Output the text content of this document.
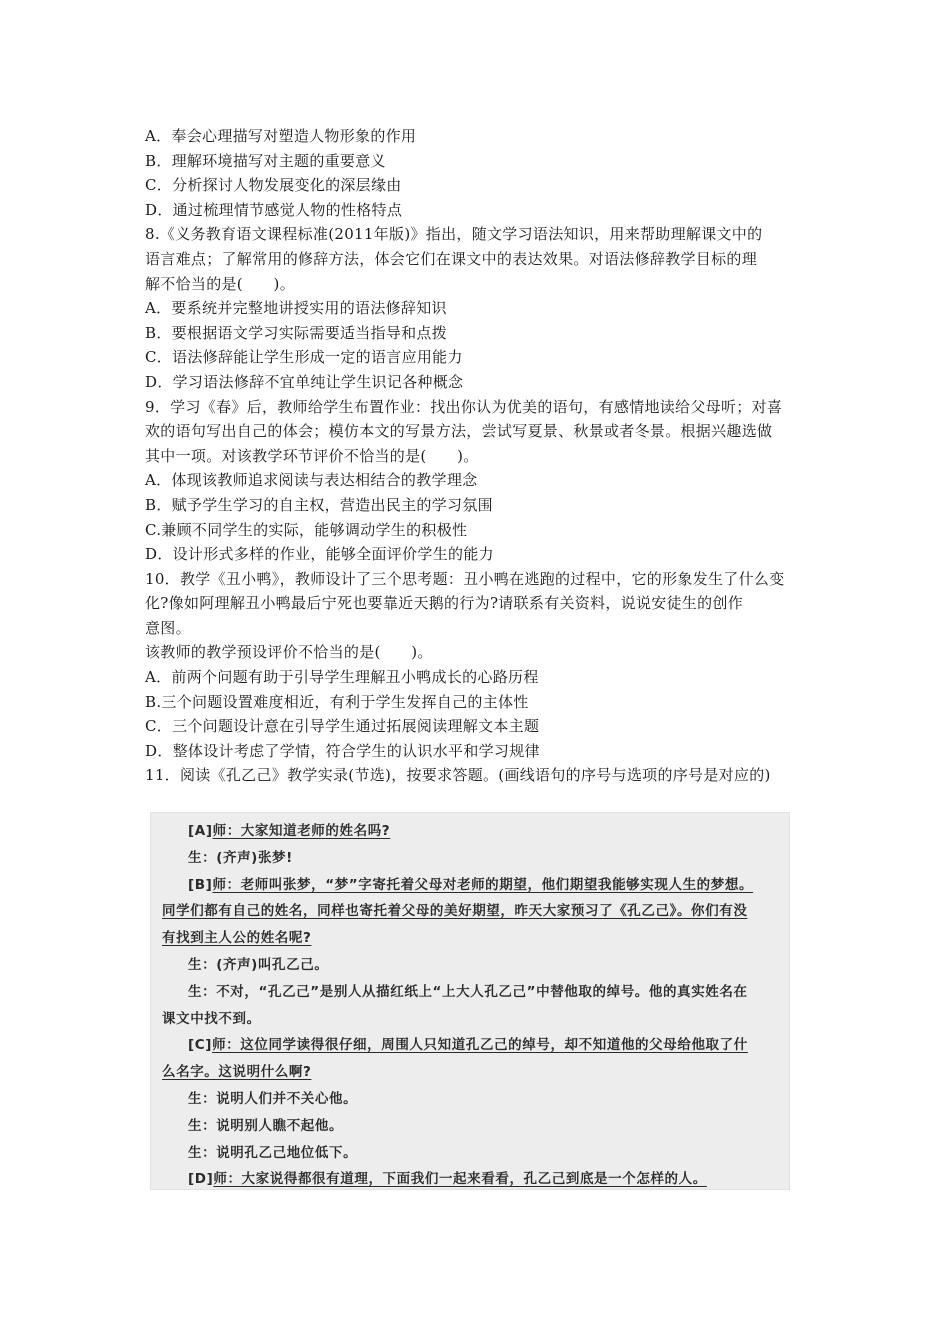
A．奉会心理描写对塑造人物形象的作用
B．理解环境描写对主题的重要意义
C．分析探讨人物发展变化的深层缘由
D．通过梳理情节感觉人物的性格特点
8.《义务教育语文课程标准(2011年版)》指出，随文学习语法知识，用来帮助理解课文中的
语言难点；了解常用的修辞方法，体会它们在课文中的表达效果。对语法修辞教学目标的理
解不恰当的是(　　)。
A．要系统并完整地讲授实用的语法修辞知识
B．要根据语文学习实际需要适当指导和点拨
C．语法修辞能让学生形成一定的语言应用能力
D．学习语法修辞不宜单纯让学生识记各种概念
9．学习《春》后，教师给学生布置作业：找出你认为优美的语句，有感情地读给父母听；对喜
欢的语句写出自己的体会；模仿本文的写景方法，尝试写夏景、秋景或者冬景。根据兴趣选做
其中一项。对该教学环节评价不恰当的是(　　)。
A．体现该教师追求阅读与表达相结合的教学理念
B．赋予学生学习的自主权，营造出民主的学习氛围
C.兼顾不同学生的实际，能够调动学生的积极性
D．设计形式多样的作业，能够全面评价学生的能力
10．教学《丑小鸭》，教师设计了三个思考题：丑小鸭在逃跑的过程中，它的形象发生了什么变
化?像如阿理解丑小鸭最后宁死也要靠近天鹅的行为?请联系有关资料，说说安徒生的创作
意图。
该教师的教学预设评价不恰当的是(　　)。
A．前两个问题有助于引导学生理解丑小鸭成长的心路历程
B.三个问题设置难度相近，有利于学生发挥自己的主体性
C．三个问题设计意在引导学生通过拓展阅读理解文本主题
D．整体设计考虑了学情，符合学生的认识水平和学习规律
11．阅读《孔乙己》教学实录(节选)，按要求答题。(画线语句的序号与选项的序号是对应的)
[A]师：大家知道老师的姓名吗?
生：(齐声)张梦!
[B]师：老师叫张梦，“梦”字寄托着父母对老师的期望，他们期望我能够实现人生的梦想。
同学们都有自己的姓名，同样也寄托着父母的美好期望，昨天大家预习了《孔乙己》。你们有没
有找到主人公的姓名呢?
生：(齐声)叫孔乙己。
生：不对，“孔乙己”是别人从描红纸上“上大人孔乙己”中替他取的绰号。他的真实姓名在
课文中找不到。
[C]师：这位同学读得很仔细，周围人只知道孔乙己的绰号，却不知道他的父母给他取了什
么名字。这说明什么啊?
生：说明人们并不关心他。
生：说明别人瞧不起他。
生：说明孔乙己地位低下。
[D]师：大家说得都很有道理，下面我们一起来看看，孔乙己到底是一个怎样的人。
